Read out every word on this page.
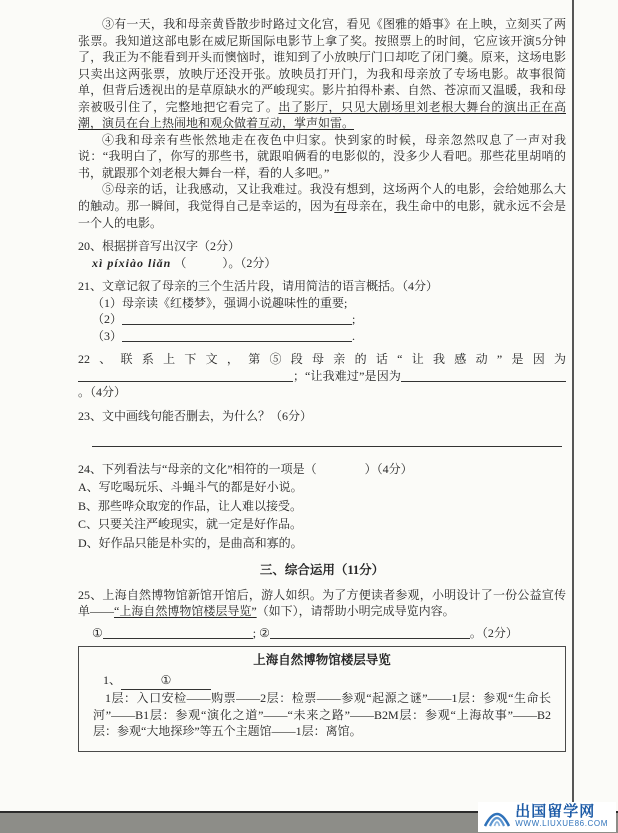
③有一天，我和母亲黄昏散步时路过文化宫，看见《图雅的婚事》在上映，立刻买了两张票。我知道这部电影在威尼斯国际电影节上拿了奖。按照票上的时间，它应该开演5分钟了，我正为不能看到开头而懊恼时，谁知到了小放映厅门口却吃了闭门羹。原来，这场电影只卖出这两张票，放映厅还没开张。放映员打开门，为我和母亲放了专场电影。故事很简单，但背后透视出的是草原缺水的严峻现实。影片拍得朴素、自然、苍凉而又温暖，我和母亲被吸引住了，完整地把它看完了。出了影厅，只见大剧场里刘老根大舞台的演出正在高潮，演员在台上热闹地和观众做着互动，掌声如雷。

④我和母亲有些怅然地走在夜色中归家。快到家的时候，母亲忽然叹息了一声对我说：“我明白了，你写的那些书，就跟咱俩看的电影似的，没多少人看吧。那些花里胡哨的书，就跟那个刘老根大舞台一样，看的人多吧。”

⑤母亲的话，让我感动，又让我难过。我没有想到，这场两个人的电影，会给她那么大的触动。那一瞬间，我觉得自己是幸运的，因为有母亲在，我生命中的电影，就永远不会是一个人的电影。

20、根据拼音写出汉字（2分）
xì píxiào liǎn （　　　）。（2分）
21、文章记叙了母亲的三个生活片段，请用简洁的语言概括。（4分）
（1）母亲读《红楼梦》，强调小说趣味性的重要;
（2）	;
（3）	.
22、联系上下文，第⑤段母亲的话“让我感动”是因为；“让我难过”是因为。（4分）
23、文中画线句能否删去，为什么？（6分）
24、下列看法与“母亲的文化”相符的一项是（　　　　）（4分）
A、写吃喝玩乐、斗蝇斗气的都是好小说。
B、那些哗众取宠的作品，让人难以接受。
C、只要关注严峻现实，就一定是好作品。
D、好作品只能是朴实的，是曲高和寡的。
三、综合运用（11分）
25、上海自然博物馆新馆开馆后，游人如织。为了方便读者参观，小明设计了一份公益宣传单——“上海自然博物馆楼层导览”（如下），请帮助小明完成导览内容。
①	; ②	。（2分）
上海自然博物馆楼层导览
1、	①

1层：入口安检——购票——2层：检票——参观“起源之谜”——1层：参观“生命长河”——B1层：参观“演化之道”——“未来之路”——B2M层：参观“上海故事”——B2层：参观“大地探珍”等五个主题馆——1层：离馆。

出国留学网
WWW.LIUXUE86.COM
